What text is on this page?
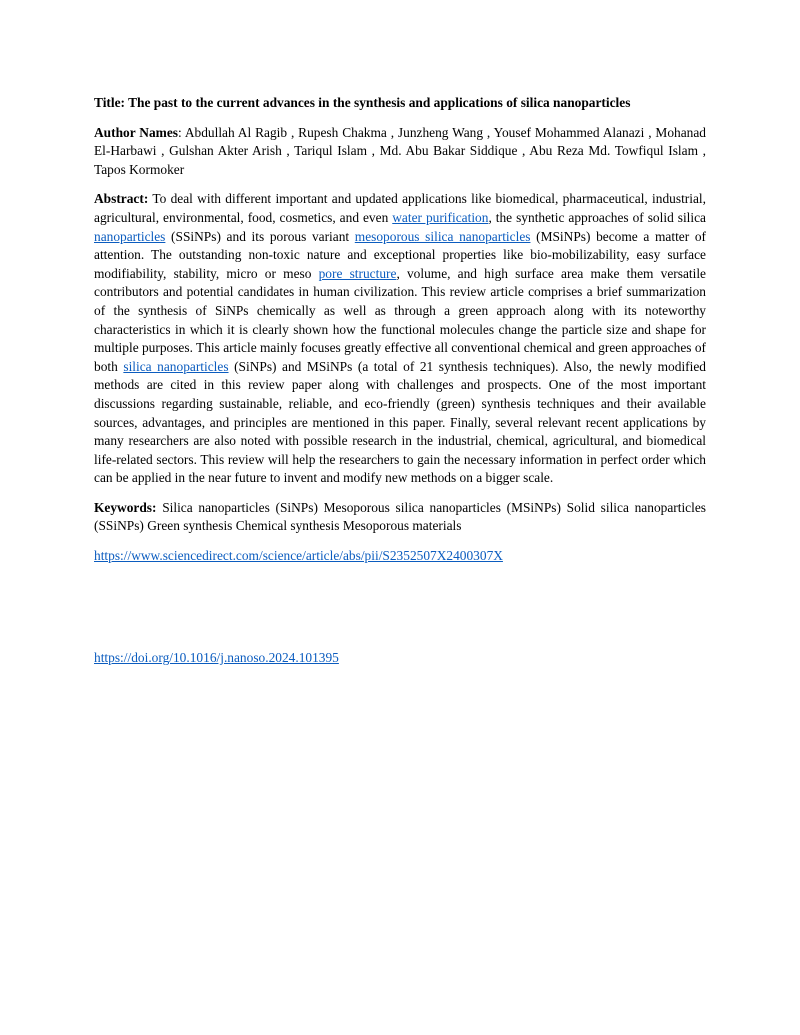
Title: The past to the current advances in the synthesis and applications of silica nanoparticles

Author Names: Abdullah Al Ragib , Rupesh Chakma , Junzheng Wang , Yousef Mohammed Alanazi , Mohanad El-Harbawi , Gulshan Akter Arish , Tariqul Islam , Md. Abu Bakar Siddique , Abu Reza Md. Towfiqul Islam , Tapos Kormoker

Abstract: To deal with different important and updated applications like biomedical, pharmaceutical, industrial, agricultural, environmental, food, cosmetics, and even water purification, the synthetic approaches of solid silica nanoparticles (SSiNPs) and its porous variant mesoporous silica nanoparticles (MSiNPs) become a matter of attention. The outstanding non-toxic nature and exceptional properties like bio-mobilizability, easy surface modifiability, stability, micro or meso pore structure, volume, and high surface area make them versatile contributors and potential candidates in human civilization. This review article comprises a brief summarization of the synthesis of SiNPs chemically as well as through a green approach along with its noteworthy characteristics in which it is clearly shown how the functional molecules change the particle size and shape for multiple purposes. This article mainly focuses greatly effective all conventional chemical and green approaches of both silica nanoparticles (SiNPs) and MSiNPs (a total of 21 synthesis techniques). Also, the newly modified methods are cited in this review paper along with challenges and prospects. One of the most important discussions regarding sustainable, reliable, and eco-friendly (green) synthesis techniques and their available sources, advantages, and principles are mentioned in this paper. Finally, several relevant recent applications by many researchers are also noted with possible research in the industrial, chemical, agricultural, and biomedical life-related sectors. This review will help the researchers to gain the necessary information in perfect order which can be applied in the near future to invent and modify new methods on a bigger scale.

Keywords: Silica nanoparticles (SiNPs) Mesoporous silica nanoparticles (MSiNPs) Solid silica nanoparticles (SSiNPs) Green synthesis Chemical synthesis Mesoporous materials

https://www.sciencedirect.com/science/article/abs/pii/S2352507X2400307X

https://doi.org/10.1016/j.nanoso.2024.101395
